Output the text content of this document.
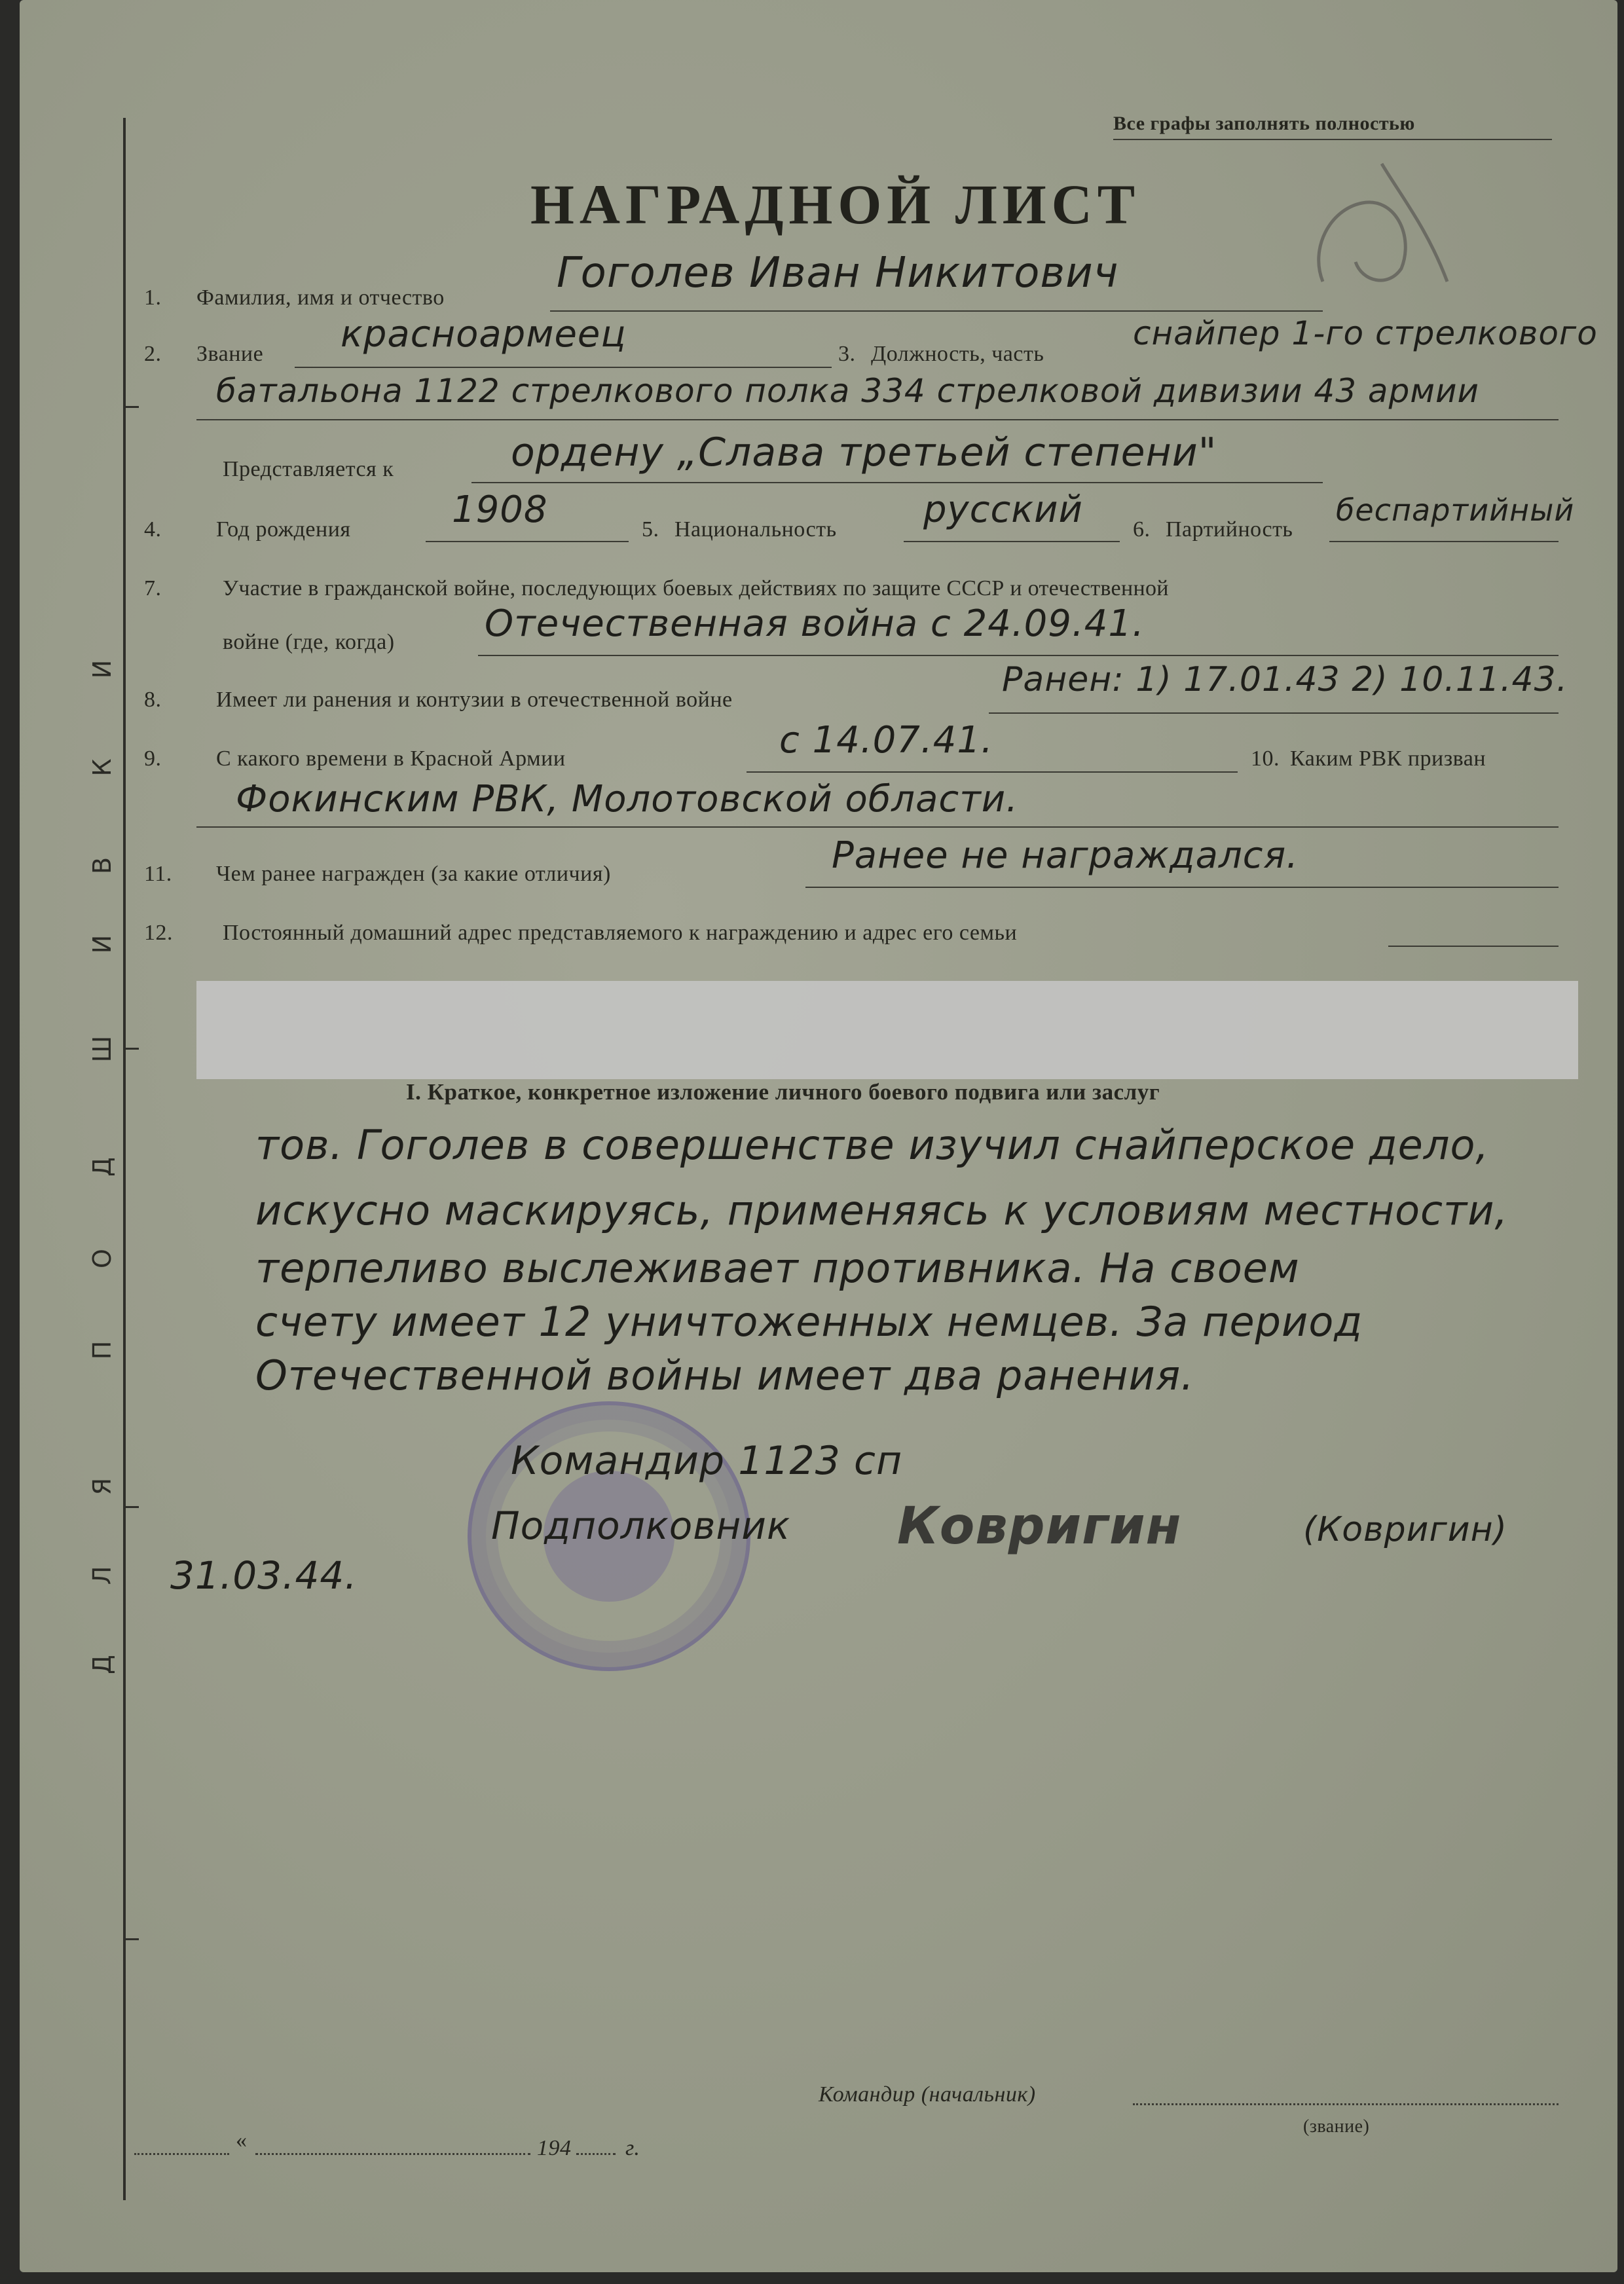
Д
Л
Я
П
О
Д
Ш
И
В
К
И
Все графы заполнять полностью
НАГРАДНОЙ ЛИСТ
1. Фамилия, имя и отчество
Гоголев Иван Никитович
2. Звание красноармеец	3. Должность, часть
снайпер 1-го стрелкового
батальона 1122 стрелкового полка 334 стрелковой дивизии 43 армии
Представляется к	ордену „Слава третьей степени"
4. Год рождения	1908	5. Национальность русский 6. Партийность
беспартийный
7.	Участие в гражданской войне, последующих боевых действиях по защите СССР и отечественной
войне (где, когда) Отечественная война с 24.09.41.
8. Имеет ли ранения и контузии в отечественной войне
Ранен: 1) 17.01.43 2) 10.11.43.
9. С какого времени в Красной Армии	с 14.07.41.	10. Каким РВК призван
Фокинским РВК, Молотовской области.
11. Чем ранее награжден (за какие отличия)	Ранее не награждался.
12. Постоянный домашний адрес представляемого к награждению и адрес его семьи
I. Краткое, конкретное изложение личного боевого подвига или заслуг
тов. Гоголев в совершенстве изучил снайперское дело,
искусно маскируясь, применяясь к условиям местности,
терпеливо выслеживает противника. На своем
счету имеет 12 уничтоженных немцев. За период
Отечественной войны имеет два ранения.
Командир 1123 сп
Подполковник Ковригин	(Ковригин)
31.03.44.
Командир (начальник)
(звание)
«	194 г.
